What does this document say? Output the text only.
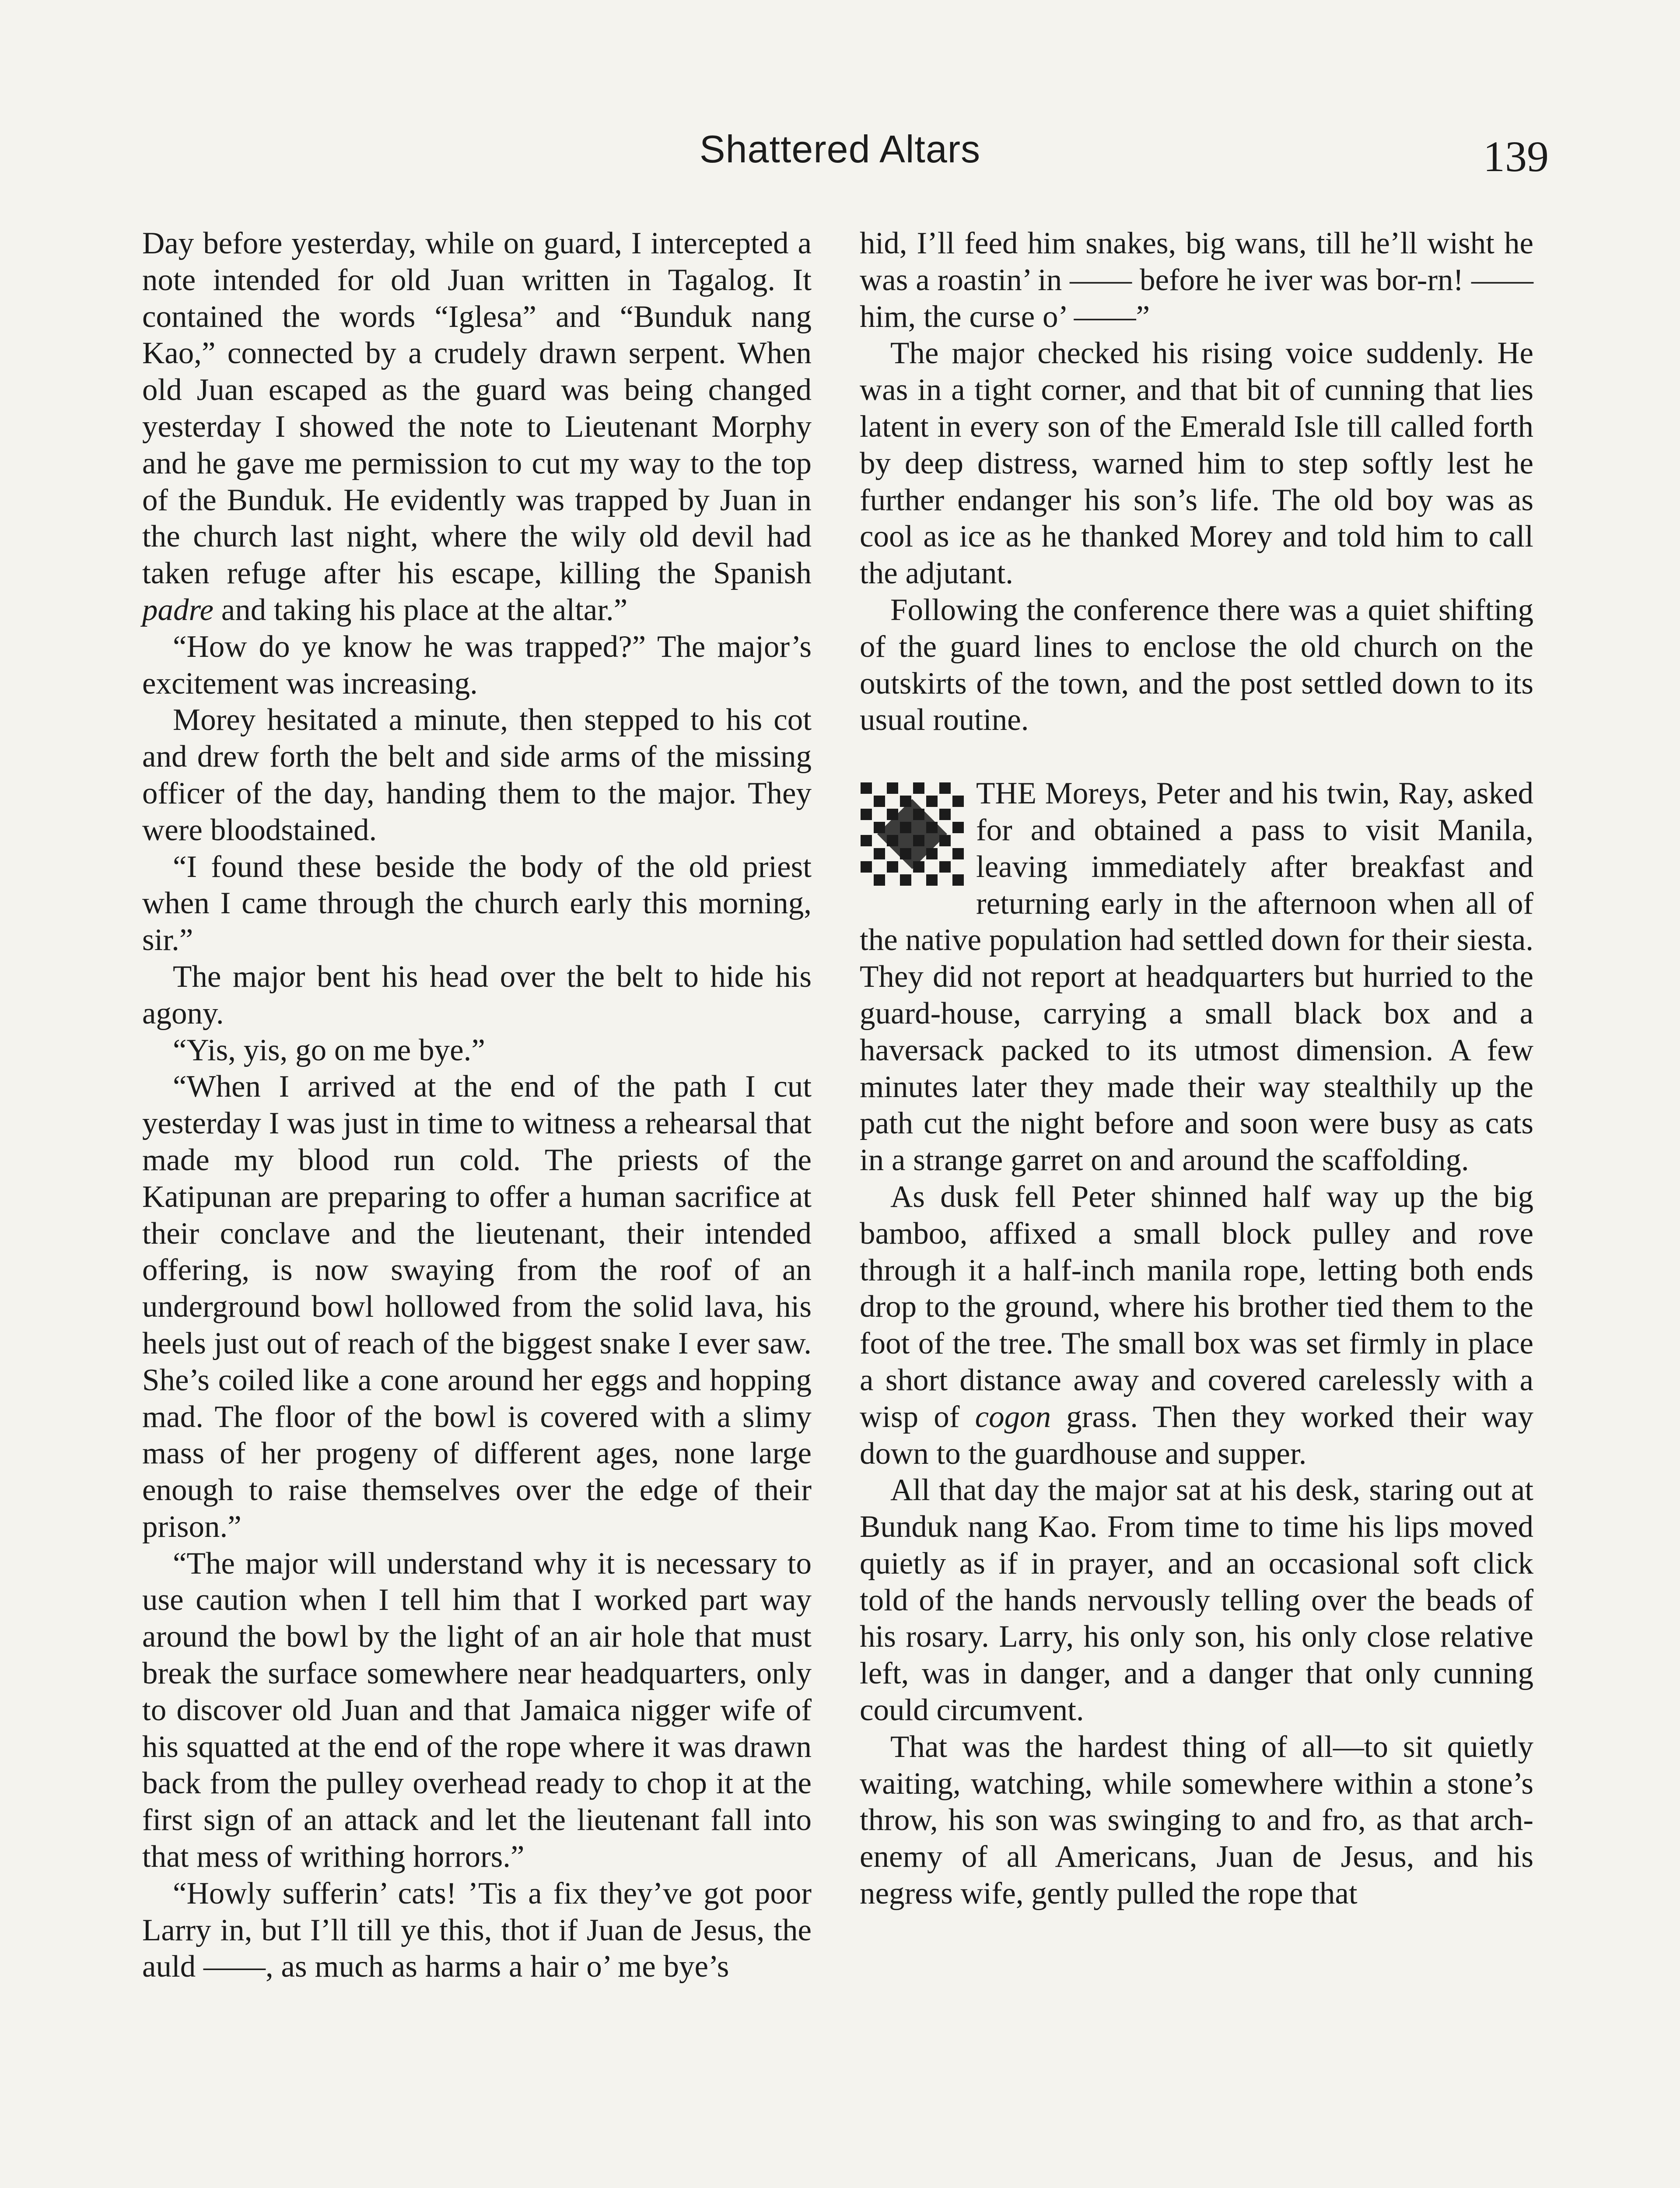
Shattered Altars	139

Day before yesterday, while on guard, I intercepted a note intended for old Juan written in Tagalog. It contained the words “Iglesa” and “Bunduk nang Kao,” connected by a crudely drawn serpent. When old Juan escaped as the guard was being changed yesterday I showed the note to Lieutenant Morphy and he gave me permission to cut my way to the top of the Bunduk. He evidently was trapped by Juan in the church last night, where the wily old devil had taken refuge after his escape, killing the Spanish padre and taking his place at the altar.”

“How do ye know he was trapped?” The major’s excitement was increasing.

Morey hesitated a minute, then stepped to his cot and drew forth the belt and side arms of the missing officer of the day, handing them to the major. They were bloodstained.

“I found these beside the body of the old priest when I came through the church early this morning, sir.”

The major bent his head over the belt to hide his agony.

“Yis, yis, go on me bye.”

“When I arrived at the end of the path I cut yesterday I was just in time to witness a rehearsal that made my blood run cold. The priests of the Katipunan are preparing to offer a human sacrifice at their conclave and the lieutenant, their intended offering, is now swaying from the roof of an underground bowl hollowed from the solid lava, his heels just out of reach of the biggest snake I ever saw. She’s coiled like a cone around her eggs and hopping mad. The floor of the bowl is covered with a slimy mass of her progeny of different ages, none large enough to raise themselves over the edge of their prison.”

“The major will understand why it is necessary to use caution when I tell him that I worked part way around the bowl by the light of an air hole that must break the surface somewhere near headquarters, only to discover old Juan and that Jamaica nigger wife of his squatted at the end of the rope where it was drawn back from the pulley overhead ready to chop it at the first sign of an attack and let the lieutenant fall into that mess of writhing horrors.”

“Howly sufferin’ cats! ’Tis a fix they’ve got poor Larry in, but I’ll till ye this, thot if Juan de Jesus, the auld ——, as much as harms a hair o’ me bye’s

hid, I’ll feed him snakes, big wans, till he’ll wisht he was a roastin’ in —— before he iver was bor-rn! —— him, the curse o’ ——”

The major checked his rising voice suddenly. He was in a tight corner, and that bit of cunning that lies latent in every son of the Emerald Isle till called forth by deep distress, warned him to step softly lest he further endanger his son’s life. The old boy was as cool as ice as he thanked Morey and told him to call the adjutant.

Following the conference there was a quiet shifting of the guard lines to enclose the old church on the outskirts of the town, and the post settled down to its usual routine.

THE Moreys, Peter and his twin, Ray, asked for and obtained a pass to visit Manila, leaving immediately after breakfast and returning early in the afternoon when all of the native population had settled down for their siesta. They did not report at headquarters but hurried to the guard-house, carrying a small black box and a haversack packed to its utmost dimension. A few minutes later they made their way stealthily up the path cut the night before and soon were busy as cats in a strange garret on and around the scaffolding.

As dusk fell Peter shinned half way up the big bamboo, affixed a small block pulley and rove through it a half-inch manila rope, letting both ends drop to the ground, where his brother tied them to the foot of the tree. The small box was set firmly in place a short distance away and covered carelessly with a wisp of cogon grass. Then they worked their way down to the guardhouse and supper.

All that day the major sat at his desk, staring out at Bunduk nang Kao. From time to time his lips moved quietly as if in prayer, and an occasional soft click told of the hands nervously telling over the beads of his rosary. Larry, his only son, his only close relative left, was in danger, and a danger that only cunning could circumvent.

That was the hardest thing of all—to sit quietly waiting, watching, while somewhere within a stone’s throw, his son was swinging to and fro, as that arch-enemy of all Americans, Juan de Jesus, and his negress wife, gently pulled the rope that
